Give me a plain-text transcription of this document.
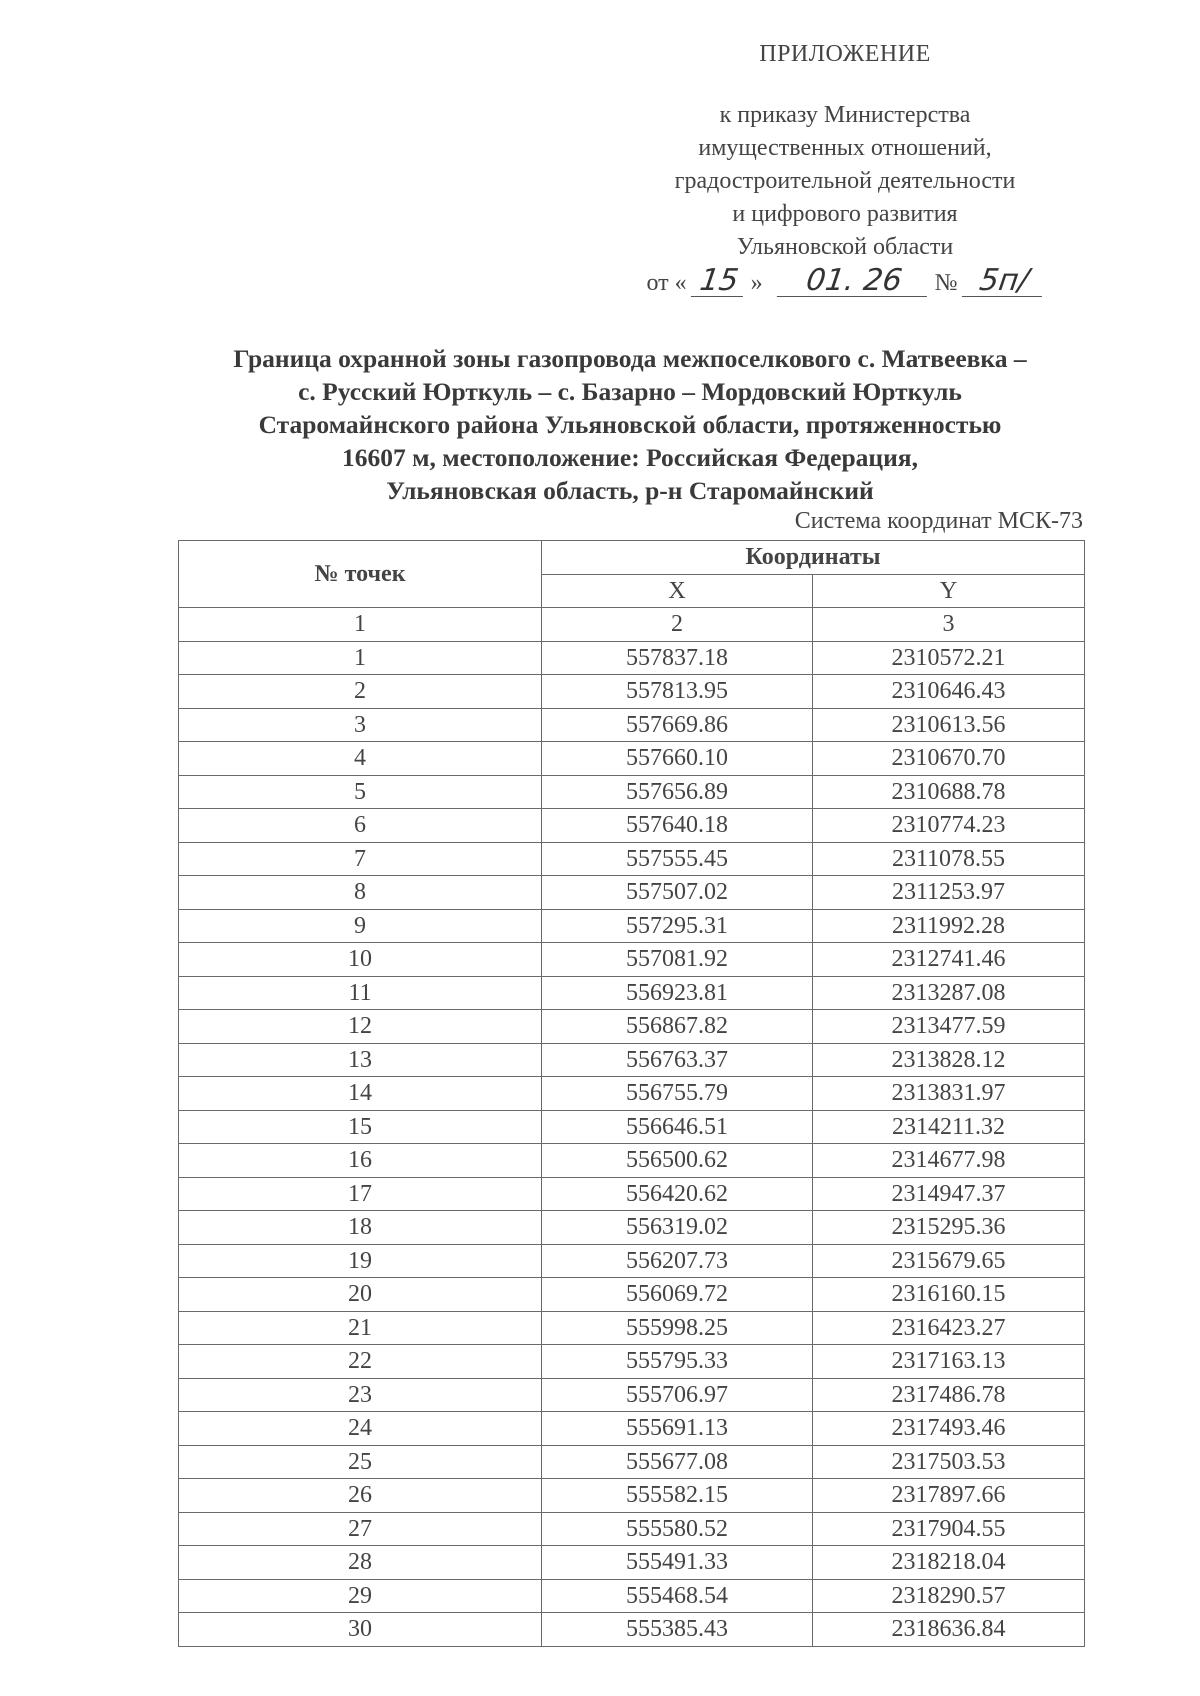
ПРИЛОЖЕНИЕ
к приказу Министерства
имущественных отношений,
градостроительной деятельности
и цифрового развития
Ульяновской области
от « 15 »	01. 26	№ 5п/
Граница охранной зоны газопровода межпоселкового с. Матвеевка –
с. Русский Юрткуль – с. Базарно – Мордовский Юрткуль
Старомайнского района Ульяновской области, протяженностью
16607 м, местоположение: Российская Федерация,
Ульяновская область, р-н Старомайнский
Система координат МСК-73
№ точек	Координаты	
	X	Y
1	2	3
1	557837.18	2310572.21
2	557813.95	2310646.43
3	557669.86	2310613.56
4	557660.10	2310670.70
5	557656.89	2310688.78
6	557640.18	2310774.23
7	557555.45	2311078.55
8	557507.02	2311253.97
9	557295.31	2311992.28
10	557081.92	2312741.46
11	556923.81	2313287.08
12	556867.82	2313477.59
13	556763.37	2313828.12
14	556755.79	2313831.97
15	556646.51	2314211.32
16	556500.62	2314677.98
17	556420.62	2314947.37
18	556319.02	2315295.36
19	556207.73	2315679.65
20	556069.72	2316160.15
21	555998.25	2316423.27
22	555795.33	2317163.13
23	555706.97	2317486.78
24	555691.13	2317493.46
25	555677.08	2317503.53
26	555582.15	2317897.66
27	555580.52	2317904.55
28	555491.33	2318218.04
29	555468.54	2318290.57
30	555385.43	2318636.84
